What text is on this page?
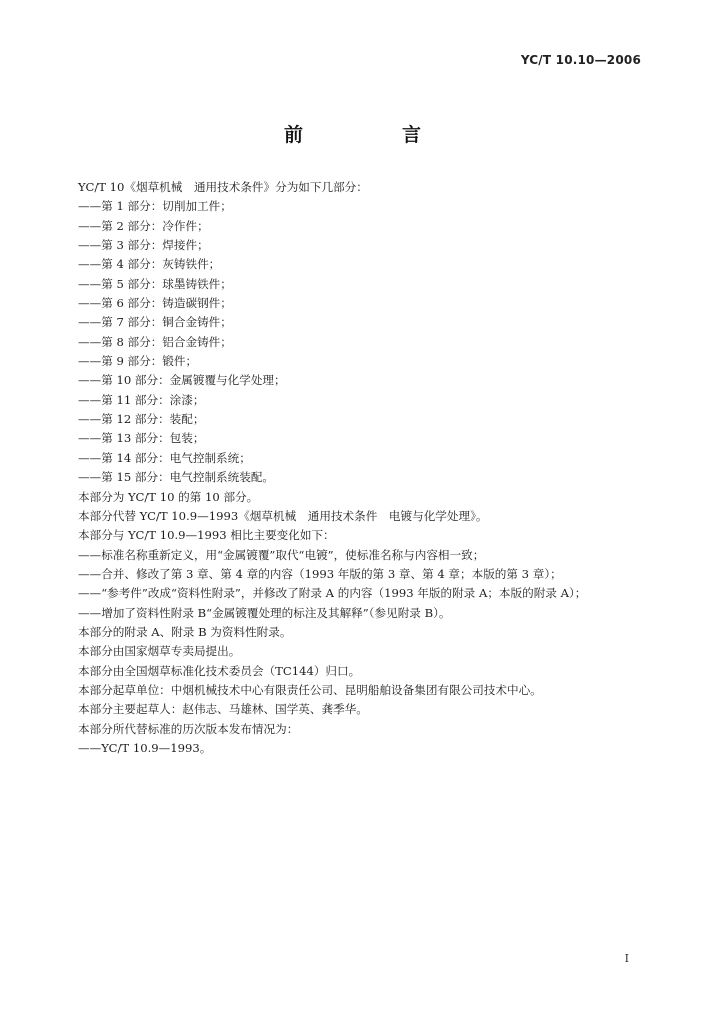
YC/T 10.10—2006
前　言
YC/T 10《烟草机械　通用技术条件》分为如下几部分：
——第 1 部分：切削加工件；
——第 2 部分：冷作件；
——第 3 部分：焊接件；
——第 4 部分：灰铸铁件；
——第 5 部分：球墨铸铁件；
——第 6 部分：铸造碳钢件；
——第 7 部分：铜合金铸件；
——第 8 部分：铝合金铸件；
——第 9 部分：锻件；
——第 10 部分：金属镀覆与化学处理；
——第 11 部分：涂漆；
——第 12 部分：装配；
——第 13 部分：包装；
——第 14 部分：电气控制系统；
——第 15 部分：电气控制系统装配。
本部分为 YC/T 10 的第 10 部分。
本部分代替 YC/T 10.9—1993《烟草机械　通用技术条件　电镀与化学处理》。
本部分与 YC/T 10.9—1993 相比主要变化如下：
——标准名称重新定义，用“金属镀覆”取代“电镀”，使标准名称与内容相一致；
——合并、修改了第 3 章、第 4 章的内容（1993 年版的第 3 章、第 4 章；本版的第 3 章）；
——“参考件”改成“资料性附录”，并修改了附录 A 的内容（1993 年版的附录 A；本版的附录 A）；
——增加了资料性附录 B“金属镀覆处理的标注及其解释”（参见附录 B）。
本部分的附录 A、附录 B 为资料性附录。
本部分由国家烟草专卖局提出。
本部分由全国烟草标准化技术委员会（TC144）归口。
本部分起草单位：中烟机械技术中心有限责任公司、昆明船舶设备集团有限公司技术中心。
本部分主要起草人：赵伟志、马雄林、国学英、龚季华。
本部分所代替标准的历次版本发布情况为：
——YC/T 10.9—1993。
I
